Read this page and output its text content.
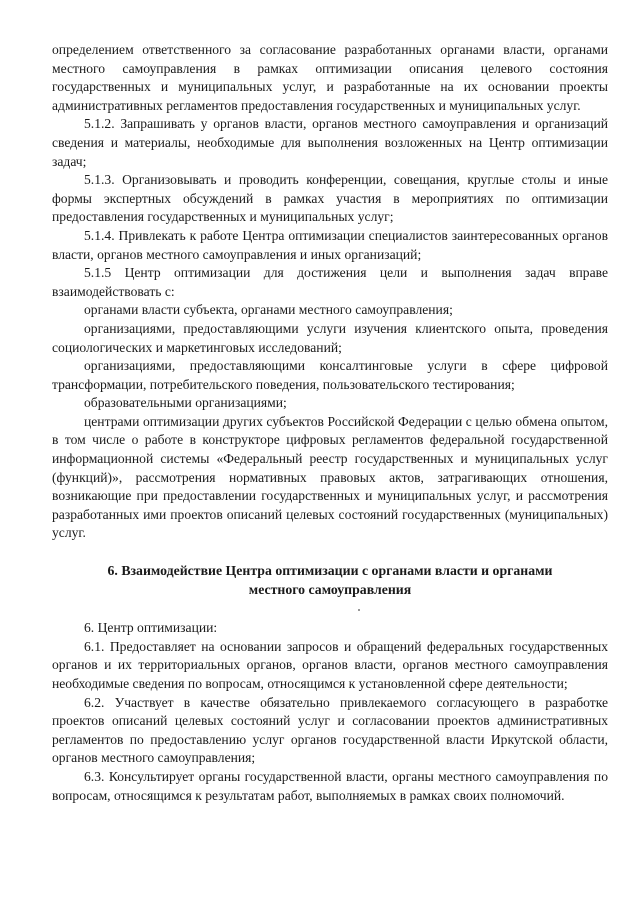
определением ответственного за согласование разработанных органами власти, органами местного самоуправления в рамках оптимизации описания целевого состояния государственных и муниципальных услуг, и разработанные на их основании проекты административных регламентов предоставления государственных и муниципальных услуг.

5.1.2. Запрашивать у органов власти, органов местного самоуправления и организаций сведения и материалы, необходимые для выполнения возложенных на Центр оптимизации задач;

5.1.3. Организовывать и проводить конференции, совещания, круглые столы и иные формы экспертных обсуждений в рамках участия в мероприятиях по оптимизации предоставления государственных и муниципальных услуг;

5.1.4. Привлекать к работе Центра оптимизации специалистов заинтересованных органов власти, органов местного самоуправления и иных организаций;

5.1.5 Центр оптимизации для достижения цели и выполнения задач вправе взаимодействовать с:

органами власти субъекта, органами местного самоуправления;

организациями, предоставляющими услуги изучения клиентского опыта, проведения социологических и маркетинговых исследований;

организациями, предоставляющими консалтинговые услуги в сфере цифровой трансформации, потребительского поведения, пользовательского тестирования;

образовательными организациями;

центрами оптимизации других субъектов Российской Федерации с целью обмена опытом, в том числе о работе в конструкторе цифровых регламентов федеральной государственной информационной системы «Федеральный реестр государственных и муниципальных услуг (функций)», рассмотрения нормативных правовых актов, затрагивающих отношения, возникающие при предоставлении государственных и муниципальных услуг, и рассмотрения разработанных ими проектов описаний целевых состояний государственных (муниципальных) услуг.

6. Взаимодействие Центра оптимизации с органами власти и органами местного самоуправления

6. Центр оптимизации:

6.1. Предоставляет на основании запросов и обращений федеральных государственных органов и их территориальных органов, органов власти, органов местного самоуправления необходимые сведения по вопросам, относящимся к установленной сфере деятельности;

6.2. Участвует в качестве обязательно привлекаемого согласующего в разработке проектов описаний целевых состояний услуг и согласовании проектов административных регламентов по предоставлению услуг органов государственной власти Иркутской области, органов местного самоуправления;

6.3. Консультирует органы государственной власти, органы местного самоуправления по вопросам, относящимся к результатам работ, выполняемых в рамках своих полномочий.
